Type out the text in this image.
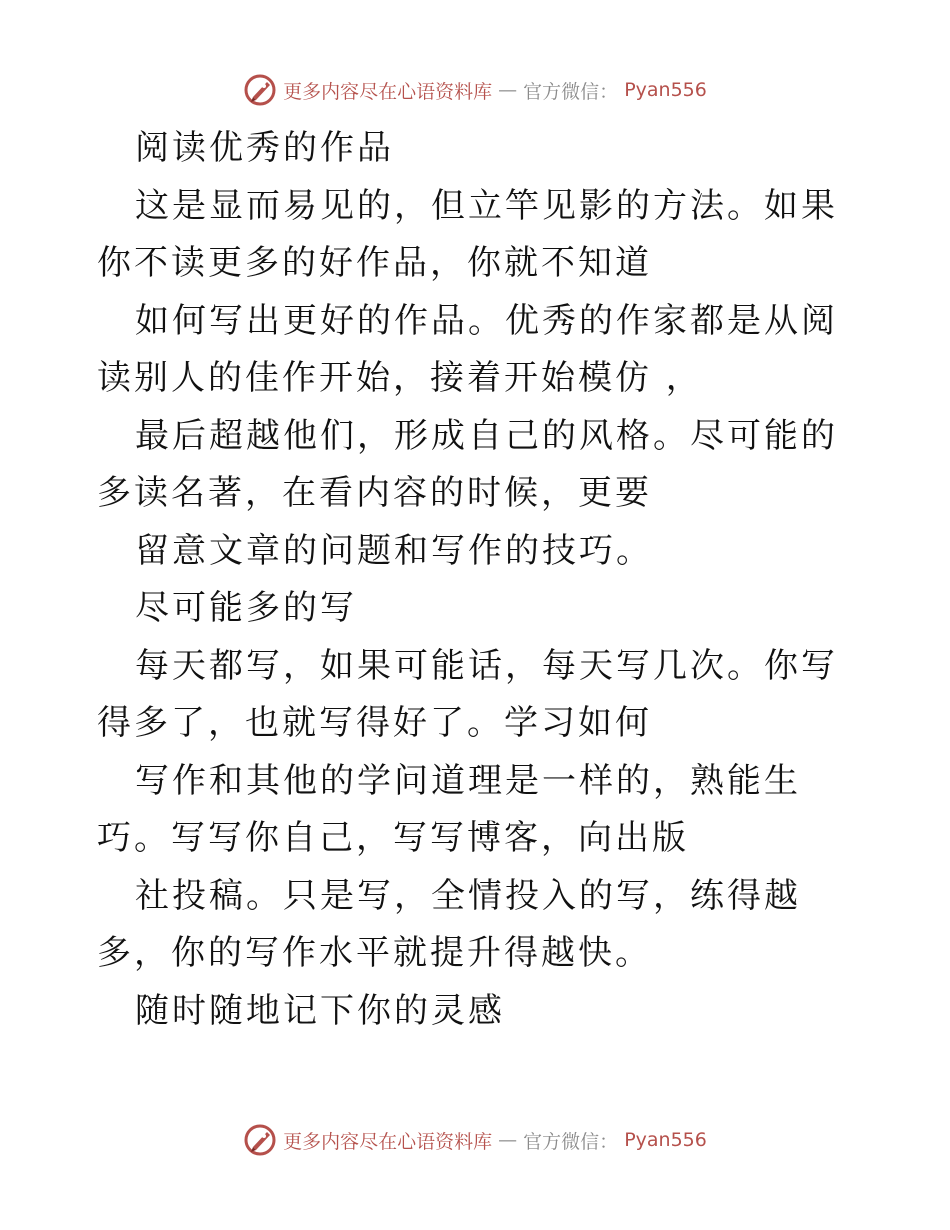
更多内容尽在心语资料库 — 官方微信： Pyan556

阅读优秀的作品

这是显而易见的，但立竿见影的方法。如果你不读更多的好作品，你就不知道

如何写出更好的作品。优秀的作家都是从阅读别人的佳作开始，接着开始模仿 ，

最后超越他们，形成自己的风格。尽可能的多读名著，在看内容的时候，更要

留意文章的问题和写作的技巧。

尽可能多的写

每天都写，如果可能话，每天写几次。你写得多了，也就写得好了。学习如何

写作和其他的学问道理是一样的，熟能生巧。写写你自己，写写博客，向出版

社投稿。只是写，全情投入的写，练得越多，你的写作水平就提升得越快。

随时随地记下你的灵感

更多内容尽在心语资料库 — 官方微信： Pyan556
